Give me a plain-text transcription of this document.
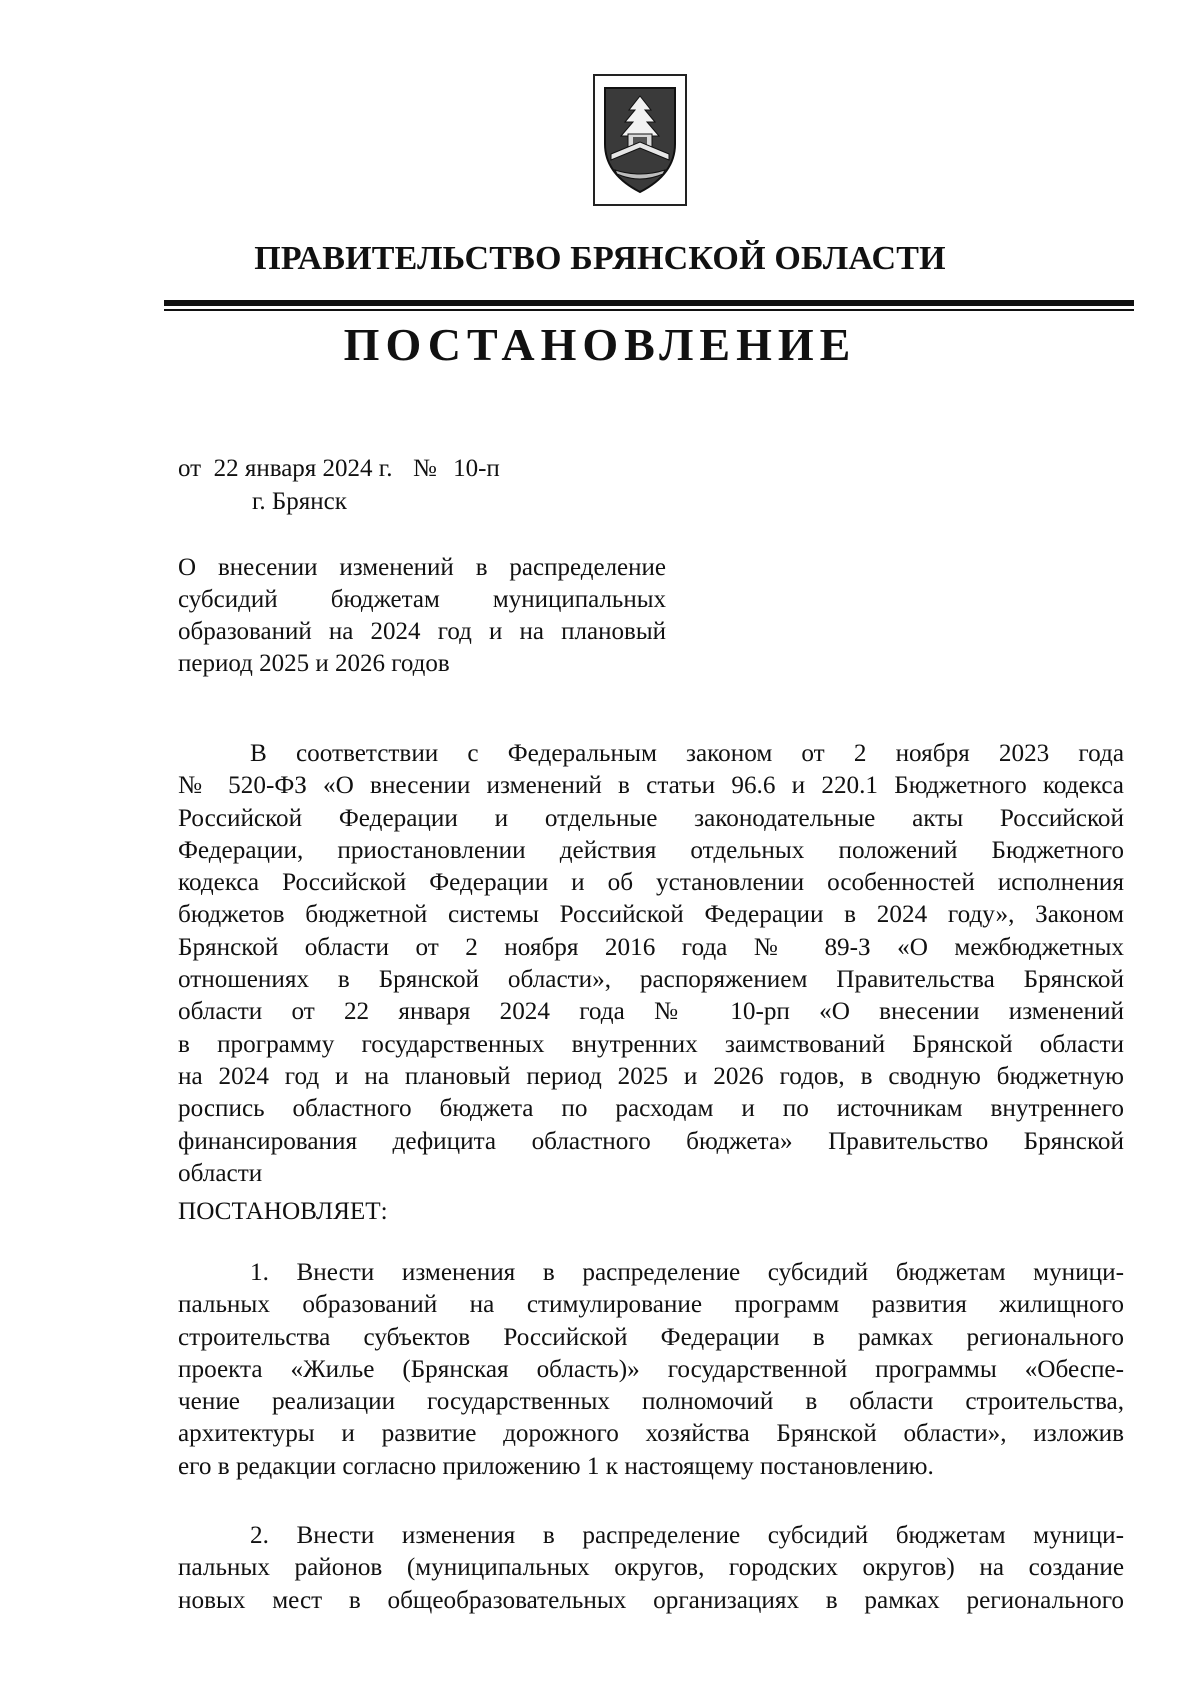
ПРАВИТЕЛЬСТВО БРЯНСКОЙ ОБЛАСТИ
ПОСТАНОВЛЕНИЕ
от 22 января 2024 г. № 10-п
г. Брянск
О внесении изменений в распределение
субсидий бюджетам муниципальных
образований на 2024 год и на плановый
период 2025 и 2026 годов
В соответствии с Федеральным законом от 2 ноября 2023 года
№ 520-ФЗ «О внесении изменений в статьи 96.6 и 220.1 Бюджетного кодекса
Российской Федерации и отдельные законодательные акты Российской
Федерации, приостановлении действия отдельных положений Бюджетного
кодекса Российской Федерации и об установлении особенностей исполнения
бюджетов бюджетной системы Российской Федерации в 2024 году», Законом
Брянской области от 2 ноября 2016 года № 89-З «О межбюджетных
отношениях в Брянской области», распоряжением Правительства Брянской
области от 22 января 2024 года № 10-рп «О внесении изменений
в программу государственных внутренних заимствований Брянской области
на 2024 год и на плановый период 2025 и 2026 годов, в сводную бюджетную
роспись областного бюджета по расходам и по источникам внутреннего
финансирования дефицита областного бюджета» Правительство Брянской
области
ПОСТАНОВЛЯЕТ:
1. Внести изменения в распределение субсидий бюджетам муници-
пальных образований на стимулирование программ развития жилищного
строительства субъектов Российской Федерации в рамках регионального
проекта «Жилье (Брянская область)» государственной программы «Обеспе-
чение реализации государственных полномочий в области строительства,
архитектуры и развитие дорожного хозяйства Брянской области», изложив
его в редакции согласно приложению 1 к настоящему постановлению.
2. Внести изменения в распределение субсидий бюджетам муници-
пальных районов (муниципальных округов, городских округов) на создание
новых мест в общеобразовательных организациях в рамках регионального
